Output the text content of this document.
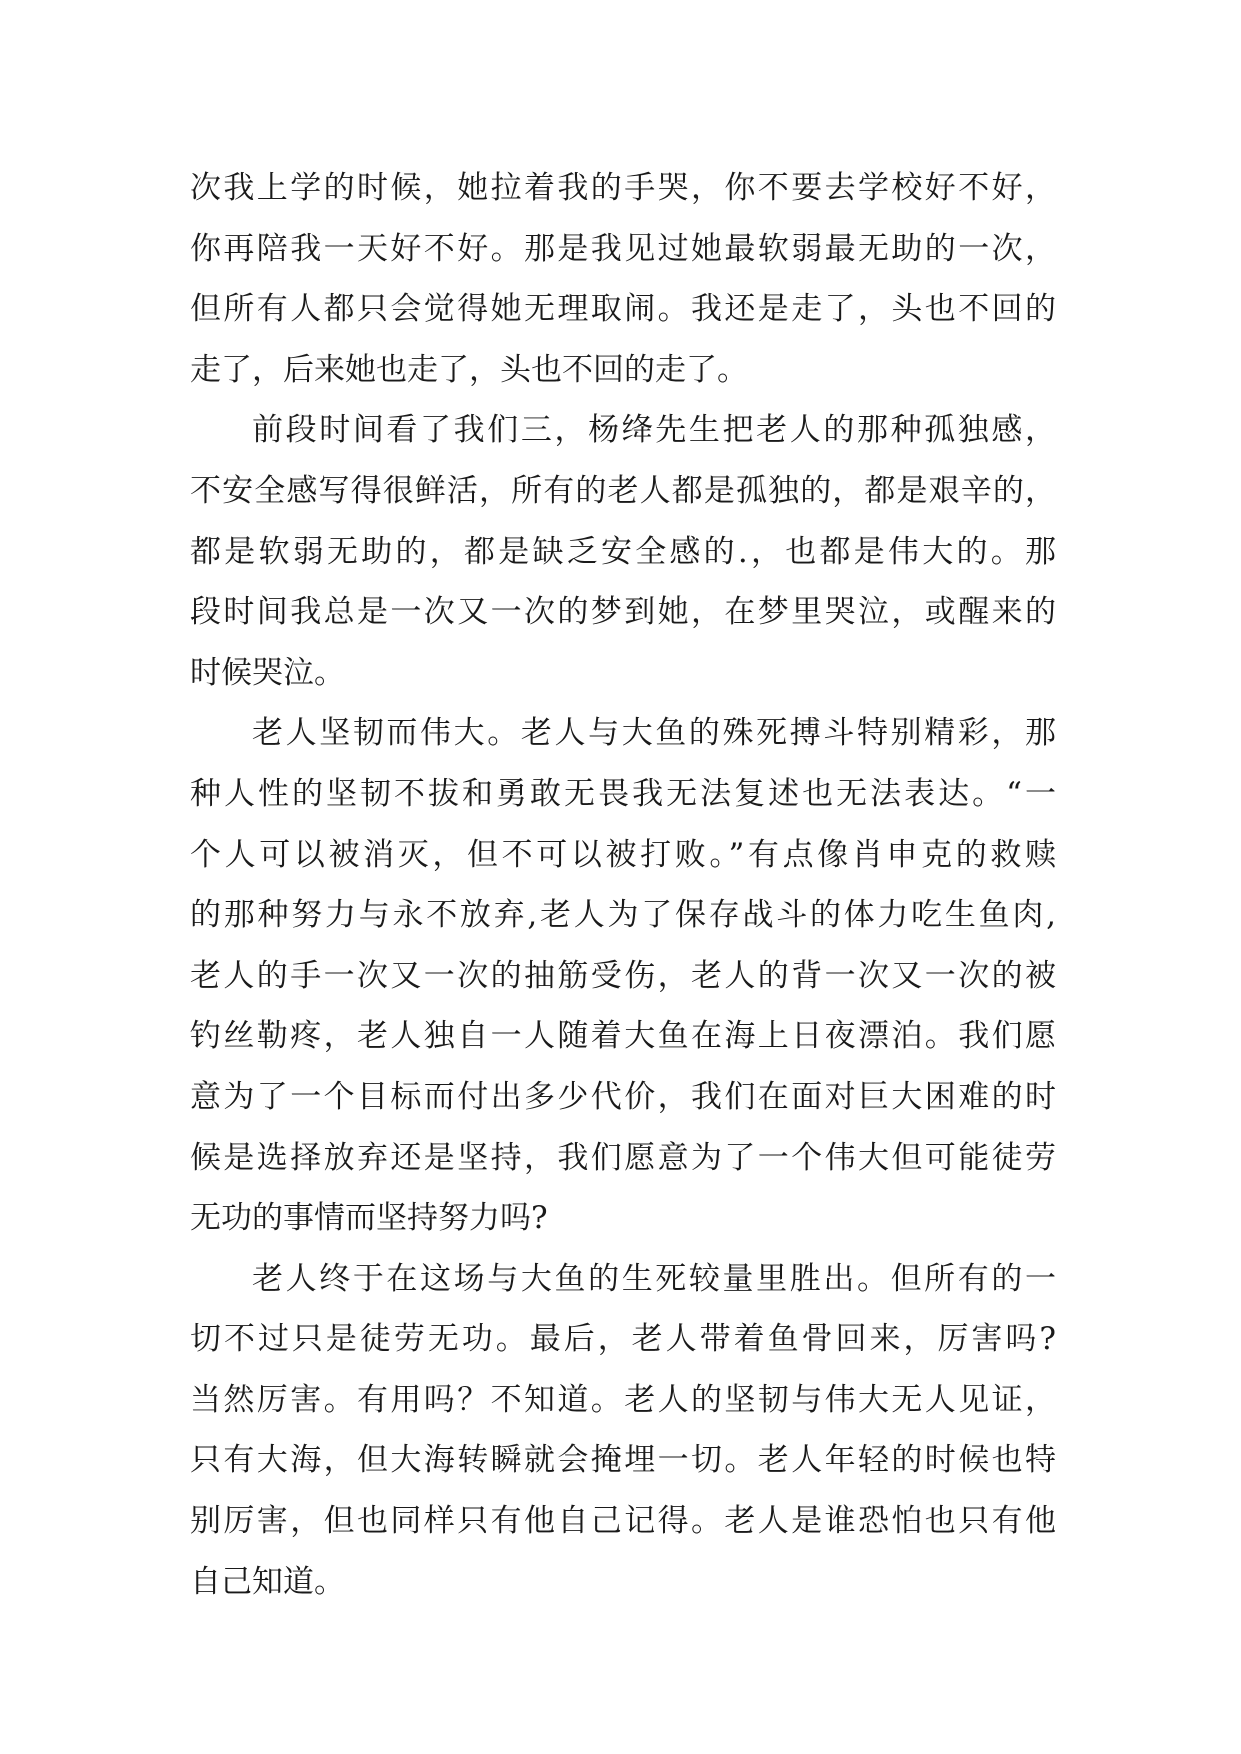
次我上学的时候，她拉着我的手哭，你不要去学校好不好，
你再陪我一天好不好。那是我见过她最软弱最无助的一次，
但所有人都只会觉得她无理取闹。我还是走了，头也不回的
走了，后来她也走了，头也不回的走了。
前段时间看了我们三，杨绛先生把老人的那种孤独感，
不安全感写得很鲜活，所有的老人都是孤独的，都是艰辛的，
都是软弱无助的，都是缺乏安全感的.，也都是伟大的。那
段时间我总是一次又一次的梦到她，在梦里哭泣，或醒来的
时候哭泣。
老人坚韧而伟大。老人与大鱼的殊死搏斗特别精彩，那
种人性的坚韧不拔和勇敢无畏我无法复述也无法表达。“一
个人可以被消灭，但不可以被打败。”有点像肖申克的救赎
的那种努力与永不放弃,老人为了保存战斗的体力吃生鱼肉,
老人的手一次又一次的抽筋受伤，老人的背一次又一次的被
钓丝勒疼，老人独自一人随着大鱼在海上日夜漂泊。我们愿
意为了一个目标而付出多少代价，我们在面对巨大困难的时
候是选择放弃还是坚持，我们愿意为了一个伟大但可能徒劳
无功的事情而坚持努力吗?
老人终于在这场与大鱼的生死较量里胜出。但所有的一
切不过只是徒劳无功。最后，老人带着鱼骨回来，厉害吗?
当然厉害。有用吗？不知道。老人的坚韧与伟大无人见证，
只有大海，但大海转瞬就会掩埋一切。老人年轻的时候也特
别厉害，但也同样只有他自己记得。老人是谁恐怕也只有他
自己知道。
